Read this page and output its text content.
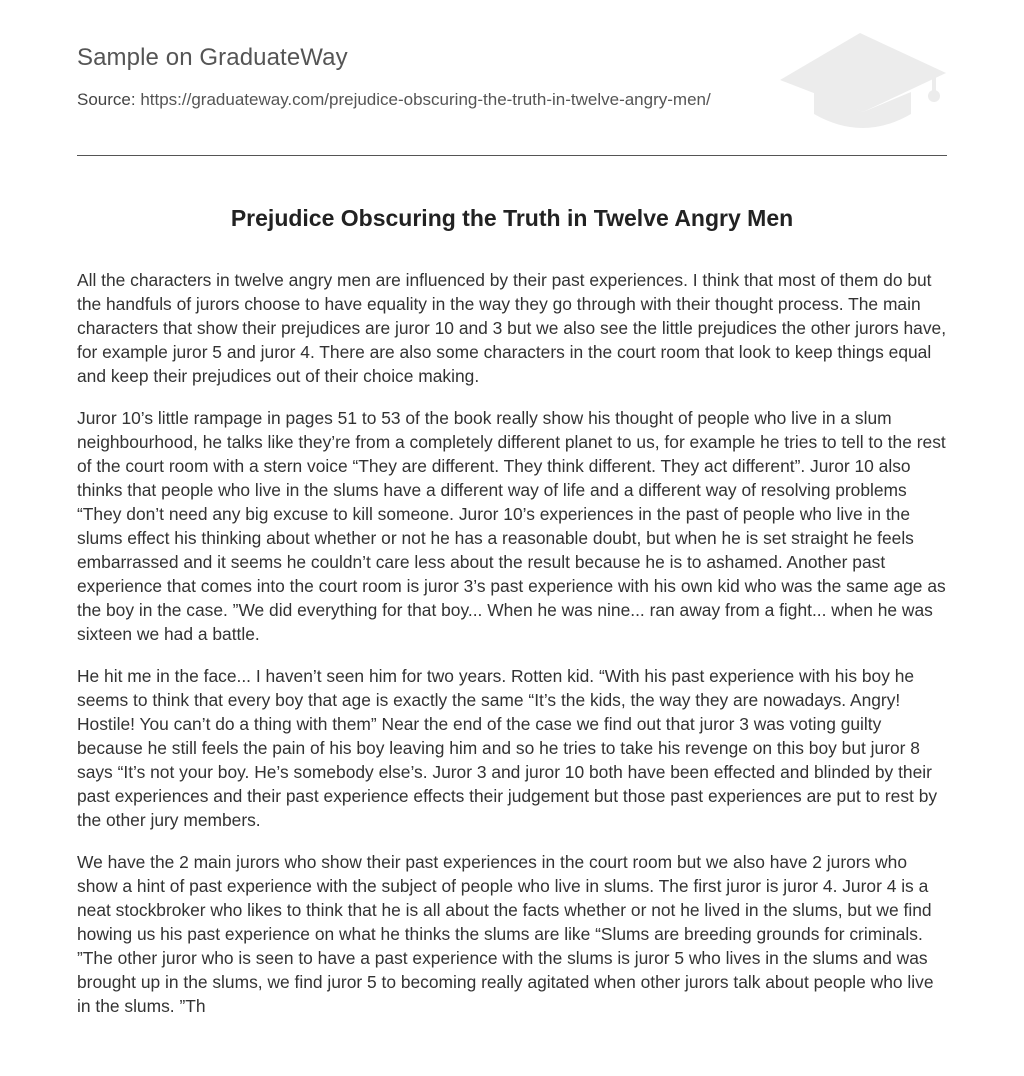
Sample on GraduateWay
Source: https://graduateway.com/prejudice-obscuring-the-truth-in-twelve-angry-men/
Prejudice Obscuring the Truth in Twelve Angry Men

All the characters in twelve angry men are influenced by their past experiences. I think that most of them do but the handfuls of jurors choose to have equality in the way they go through with their thought process. The main characters that show their prejudices are juror 10 and 3 but we also see the little prejudices the other jurors have, for example juror 5 and juror 4. There are also some characters in the court room that look to keep things equal and keep their prejudices out of their choice making.

Juror 10’s little rampage in pages 51 to 53 of the book really show his thought of people who live in a slum neighbourhood, he talks like they’re from a completely different planet to us, for example he tries to tell to the rest of the court room with a stern voice “They are different. They think different. They act different”. Juror 10 also thinks that people who live in the slums have a different way of life and a different way of resolving problems “They don’t need any big excuse to kill someone. Juror 10’s experiences in the past of people who live in the slums effect his thinking about whether or not he has a reasonable doubt, but when he is set straight he feels embarrassed and it seems he couldn’t care less about the result because he is to ashamed. Another past experience that comes into the court room is juror 3’s past experience with his own kid who was the same age as the boy in the case. ”We did everything for that boy... When he was nine... ran away from a fight... when he was sixteen we had a battle.

He hit me in the face... I haven’t seen him for two years. Rotten kid. “With his past experience with his boy he seems to think that every boy that age is exactly the same “It’s the kids, the way they are nowadays. Angry! Hostile! You can’t do a thing with them” Near the end of the case we find out that juror 3 was voting guilty because he still feels the pain of his boy leaving him and so he tries to take his revenge on this boy but juror 8 says “It’s not your boy. He’s somebody else’s. Juror 3 and juror 10 both have been effected and blinded by their past experiences and their past experience effects their judgement but those past experiences are put to rest by the other jury members.

We have the 2 main jurors who show their past experiences in the court room but we also have 2 jurors who show a hint of past experience with the subject of people who live in slums. The first juror is juror 4. Juror 4 is a neat stockbroker who likes to think that he is all about the facts whether or not he lived in the slums, but we find howing us his past experience on what he thinks the slums are like “Slums are breeding grounds for criminals. ”The other juror who is seen to have a past experience with the slums is juror 5 who lives in the slums and was brought up in the slums, we find juror 5 to becoming really agitated when other jurors talk about people who live in the slums. ”Th
